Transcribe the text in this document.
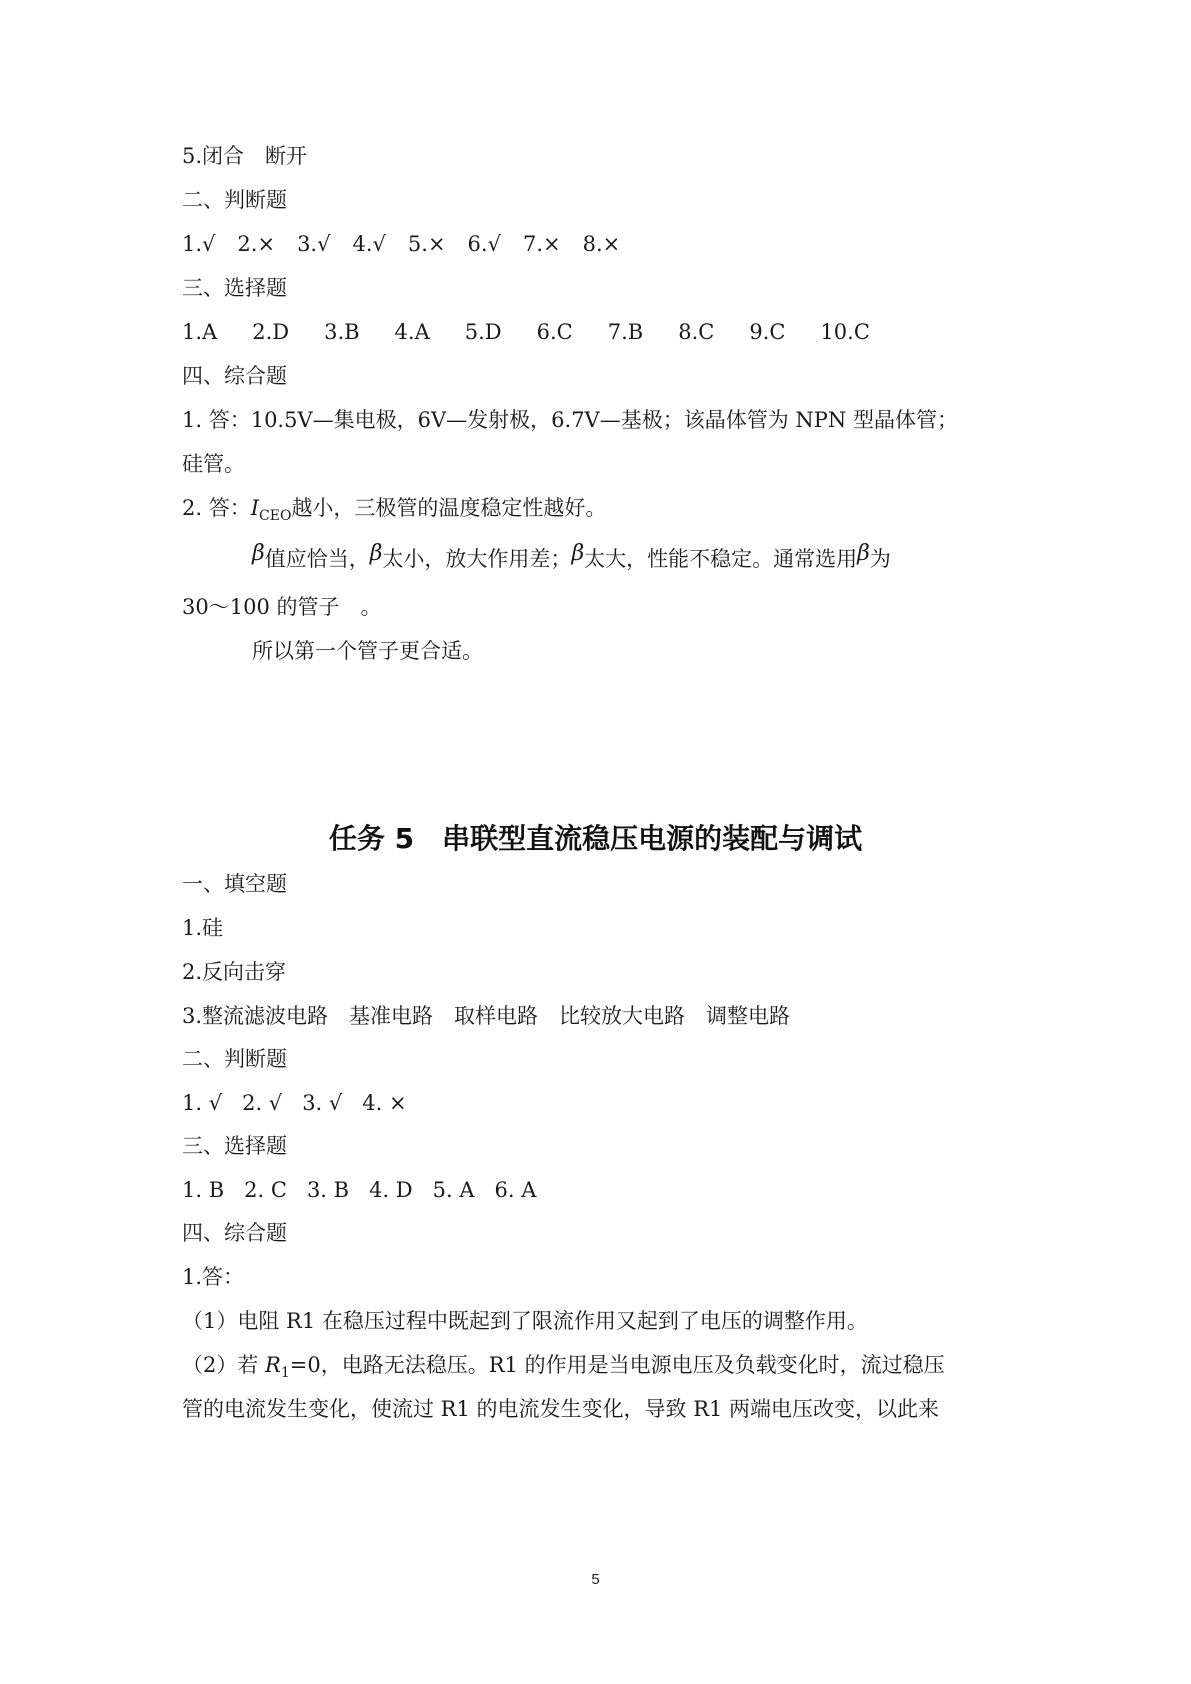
5.闭合　断开
二、判断题
1.√ 2.× 3.√ 4.√ 5.× 6.√ 7.× 8.×
三、选择题
1.A 2.D 3.B 4.A 5.D 6.C 7.B 8.C 9.C 10.C
四、综合题
1. 答：10.5V—集电极，6V—发射极，6.7V—基极；该晶体管为 NPN 型晶体管；
硅管。
2. 答：$I_{CEO}$越小，三极管的温度稳定性越好。
β值应恰当，β太小，放大作用差；β太大，性能不稳定。通常选用β为
30～100 的管子　。
所以第一个管子更合适。
任务 5　串联型直流稳压电源的装配与调试
一、填空题
1.硅
2.反向击穿
3.整流滤波电路　基准电路　取样电路　比较放大电路　调整电路
二、判断题
1. √ 2. √ 3. √ 4. ×
三、选择题
1. B 2. C 3. B 4. D 5. A 6. A
四、综合题
1.答：
（1）电阻 R1 在稳压过程中既起到了限流作用又起到了电压的调整作用。
（2）若 $R_1=0$，电路无法稳压。R1 的作用是当电源电压及负载变化时，流过稳压
管的电流发生变化，使流过 R1 的电流发生变化，导致 R1 两端电压改变，以此来
5
